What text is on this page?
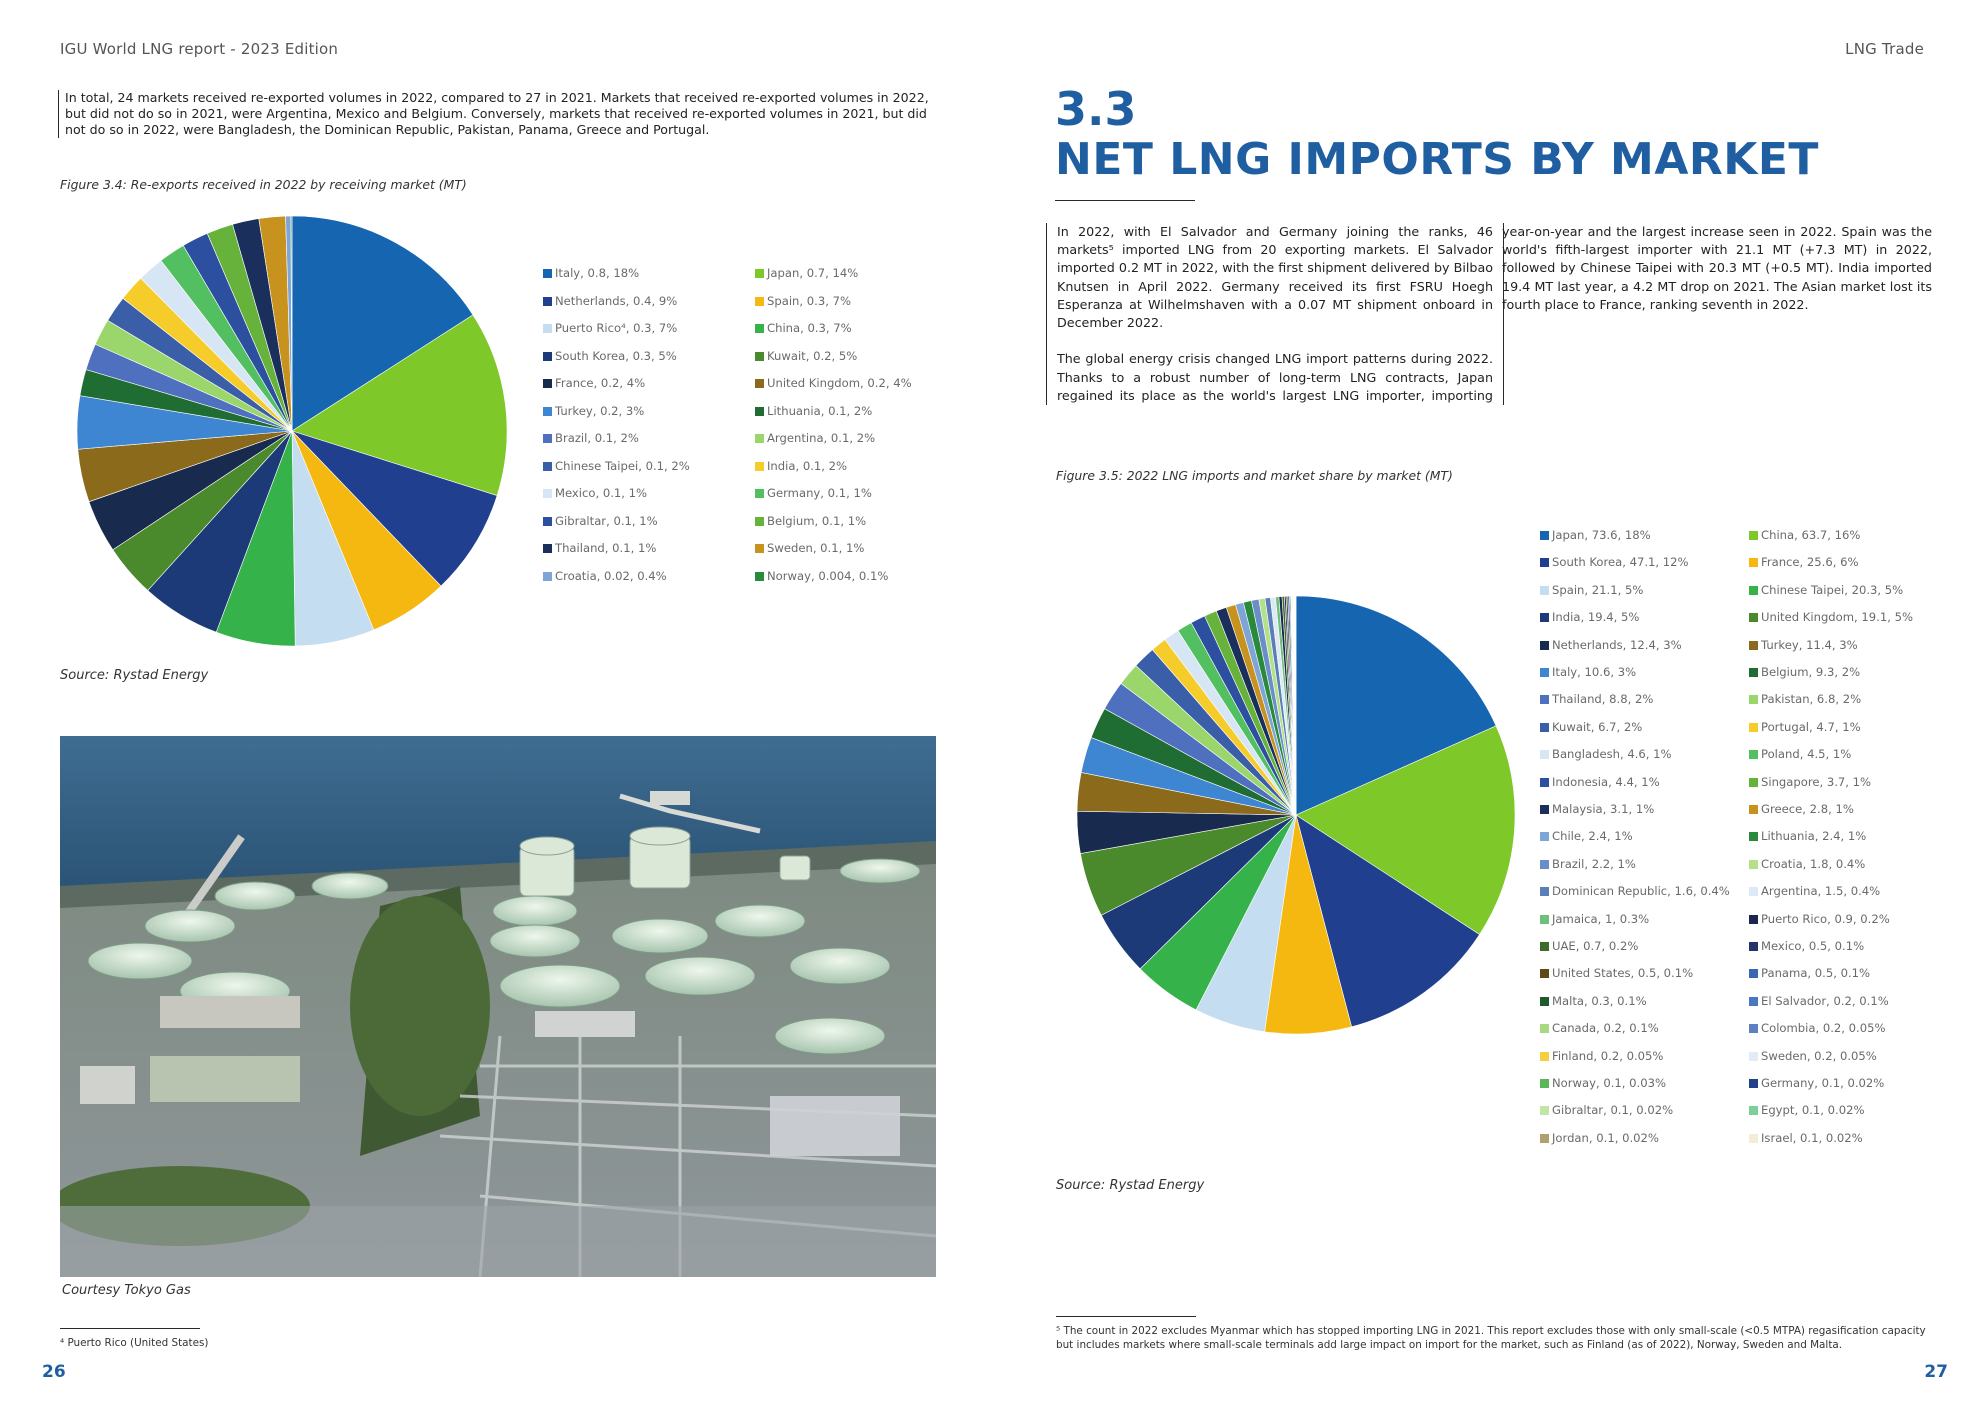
IGU World LNG report - 2023 Edition	LNG Trade
In total, 24 markets received re-exported volumes in 2022, compared to 27 in 2021. Markets that received re-exported volumes in 2022, but did not do so in 2021, were Argentina, Mexico and Belgium. Conversely, markets that received re-exported volumes in 2021, but did not do so in 2022, were Bangladesh, the Dominican Republic, Pakistan, Panama, Greece and Portugal.
Figure 3.4: Re-exports received in 2022 by receiving market (MT)
Italy, 0.8, 18%	Japan, 0.7, 14%
Netherlands, 0.4, 9%	Spain, 0.3, 7%
Puerto Rico⁴, 0.3, 7%	China, 0.3, 7%
South Korea, 0.3, 5%	Kuwait, 0.2, 5%
France, 0.2, 4%	United Kingdom, 0.2, 4%
Turkey, 0.2, 3%	Lithuania, 0.1, 2%
Brazil, 0.1, 2%	Argentina, 0.1, 2%
Chinese Taipei, 0.1, 2%	India, 0.1, 2%
Mexico, 0.1, 1%	Germany, 0.1, 1%
Gibraltar, 0.1, 1%	Belgium, 0.1, 1%
Thailand, 0.1, 1%	Sweden, 0.1, 1%
Croatia, 0.02, 0.4%	Norway, 0.004, 0.1%
Source: Rystad Energy
Courtesy Tokyo Gas
⁴ Puerto Rico (United States)
26
3.3
NET LNG IMPORTS BY MARKET

In 2022, with El Salvador and Germany joining the ranks, 46 markets⁵ imported LNG from 20 exporting markets. El Salvador imported 0.2 MT in 2022, with the first shipment delivered by Bilbao Knutsen in April 2022. Germany received its first FSRU Hoegh Esperanza at Wilhelmshaven with a 0.07 MT shipment onboard in December 2022.

The global energy crisis changed LNG import patterns during 2022. Thanks to a robust number of long-term LNG contracts, Japan regained its place as the world's largest LNG importer, importing

year-on-year and the largest increase seen in 2022. Spain was the world's fifth-largest importer with 21.1 MT (+7.3 MT) in 2022, followed by Chinese Taipei with 20.3 MT (+0.5 MT). India imported 19.4 MT last year, a 4.2 MT drop on 2021. The Asian market lost its fourth place to France, ranking seventh in 2022.
Figure 3.5: 2022 LNG imports and market share by market (MT)
Japan, 73.6, 18%	China, 63.7, 16%
South Korea, 47.1, 12%	France, 25.6, 6%
Spain, 21.1, 5%	Chinese Taipei, 20.3, 5%
India, 19.4, 5%	United Kingdom, 19.1, 5%
Netherlands, 12.4, 3%	Turkey, 11.4, 3%
Italy, 10.6, 3%	Belgium, 9.3, 2%
Thailand, 8.8, 2%	Pakistan, 6.8, 2%
Kuwait, 6.7, 2%	Portugal, 4.7, 1%
Bangladesh, 4.6, 1%	Poland, 4.5, 1%
Indonesia, 4.4, 1%	Singapore, 3.7, 1%
Malaysia, 3.1, 1%	Greece, 2.8, 1%
Chile, 2.4, 1%	Lithuania, 2.4, 1%
Brazil, 2.2, 1%	Croatia, 1.8, 0.4%
Dominican Republic, 1.6, 0.4%	Argentina, 1.5, 0.4%
Jamaica, 1, 0.3%	Puerto Rico, 0.9, 0.2%
UAE, 0.7, 0.2%	Mexico, 0.5, 0.1%
United States, 0.5, 0.1%	Panama, 0.5, 0.1%
Malta, 0.3, 0.1%	El Salvador, 0.2, 0.1%
Canada, 0.2, 0.1%	Colombia, 0.2, 0.05%
Finland, 0.2, 0.05%	Sweden, 0.2, 0.05%
Norway, 0.1, 0.03%	Germany, 0.1, 0.02%
Gibraltar, 0.1, 0.02%	Egypt, 0.1, 0.02%
Jordan, 0.1, 0.02%	Israel, 0.1, 0.02%
Source: Rystad Energy
⁵ The count in 2022 excludes Myanmar which has stopped importing LNG in 2021. This report excludes those with only small-scale (<0.5 MTPA) regasification capacity but includes markets where small-scale terminals add large impact on import for the market, such as Finland (as of 2022), Norway, Sweden and Malta.
27
